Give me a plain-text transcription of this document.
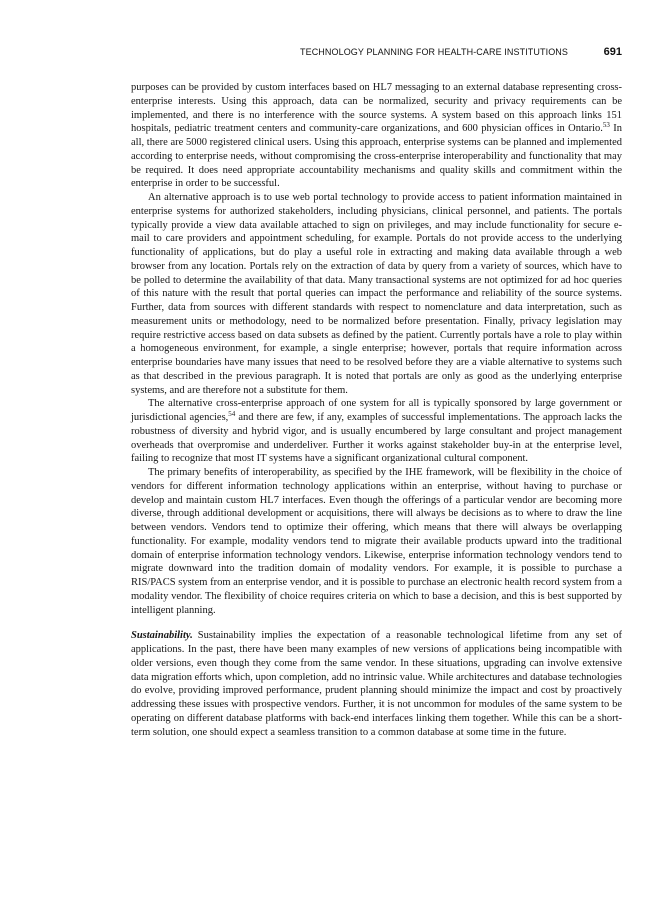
TECHNOLOGY PLANNING FOR HEALTH-CARE INSTITUTIONS	691

purposes can be provided by custom interfaces based on HL7 messaging to an external database representing cross-enterprise interests. Using this approach, data can be normalized, security and privacy requirements can be implemented, and there is no interference with the source systems. A system based on this approach links 151 hospitals, pediatric treatment centers and community-care organizations, and 600 physician offices in Ontario.$^{53}$ In all, there are 5000 registered clinical users. Using this approach, enterprise systems can be planned and implemented according to enterprise needs, without compromising the cross-enterprise interoperability and functionality that may be required. It does need appropriate accountability mechanisms and quality skills and commitment within the enterprise in order to be successful.

An alternative approach is to use web portal technology to provide access to patient information maintained in enterprise systems for authorized stakeholders, including physicians, clinical personnel, and patients. The portals typically provide a view data available attached to sign on privileges, and may include functionality for secure e-mail to care providers and appointment scheduling, for example. Portals do not provide access to the underlying functionality of applications, but do play a useful role in extracting and making data available through a web browser from any location. Portals rely on the extraction of data by query from a variety of sources, which have to be polled to determine the availability of that data. Many transactional systems are not optimized for ad hoc queries of this nature with the result that portal queries can impact the performance and reliability of the source systems. Further, data from sources with different standards with respect to nomenclature and data interpretation, such as measurement units or methodology, need to be normalized before presentation. Finally, privacy legislation may require restrictive access based on data subsets as defined by the patient. Currently portals have a role to play within a homogeneous environment, for example, a single enterprise; however, portals that require information across enterprise boundaries have many issues that need to be resolved before they are a viable alternative to systems such as that described in the previous paragraph. It is noted that portals are only as good as the underlying enterprise systems, and are therefore not a substitute for them.

The alternative cross-enterprise approach of one system for all is typically sponsored by large government or jurisdictional agencies,$^{54}$ and there are few, if any, examples of successful implementations. The approach lacks the robustness of diversity and hybrid vigor, and is usually encumbered by large consultant and project management overheads that overpromise and underdeliver. Further it works against stakeholder buy-in at the enterprise level, failing to recognize that most IT systems have a significant organizational cultural component.

The primary benefits of interoperability, as specified by the IHE framework, will be flexibility in the choice of vendors for different information technology applications within an enterprise, without having to purchase or develop and maintain custom HL7 interfaces. Even though the offerings of a particular vendor are becoming more diverse, through additional development or acquisitions, there will always be decisions as to where to draw the line between vendors. Vendors tend to optimize their offering, which means that there will always be overlapping functionality. For example, modality vendors tend to migrate their available products upward into the traditional domain of enterprise information technology vendors. Likewise, enterprise information technology vendors tend to migrate downward into the tradition domain of modality vendors. For example, it is possible to purchase a RIS/PACS system from an enterprise vendor, and it is possible to purchase an electronic health record system from a modality vendor. The flexibility of choice requires criteria on which to base a decision, and this is best supported by intelligent planning.

Sustainability. Sustainability implies the expectation of a reasonable technological lifetime from any set of applications. In the past, there have been many examples of new versions of applications being incompatible with older versions, even though they come from the same vendor. In these situations, upgrading can involve extensive data migration efforts which, upon completion, add no intrinsic value. While architectures and database technologies do evolve, providing improved performance, prudent planning should minimize the impact and cost by proactively addressing these issues with prospective vendors. Further, it is not uncommon for modules of the same system to be operating on different database platforms with back-end interfaces linking them together. While this can be a short-term solution, one should expect a seamless transition to a common database at some time in the future.
